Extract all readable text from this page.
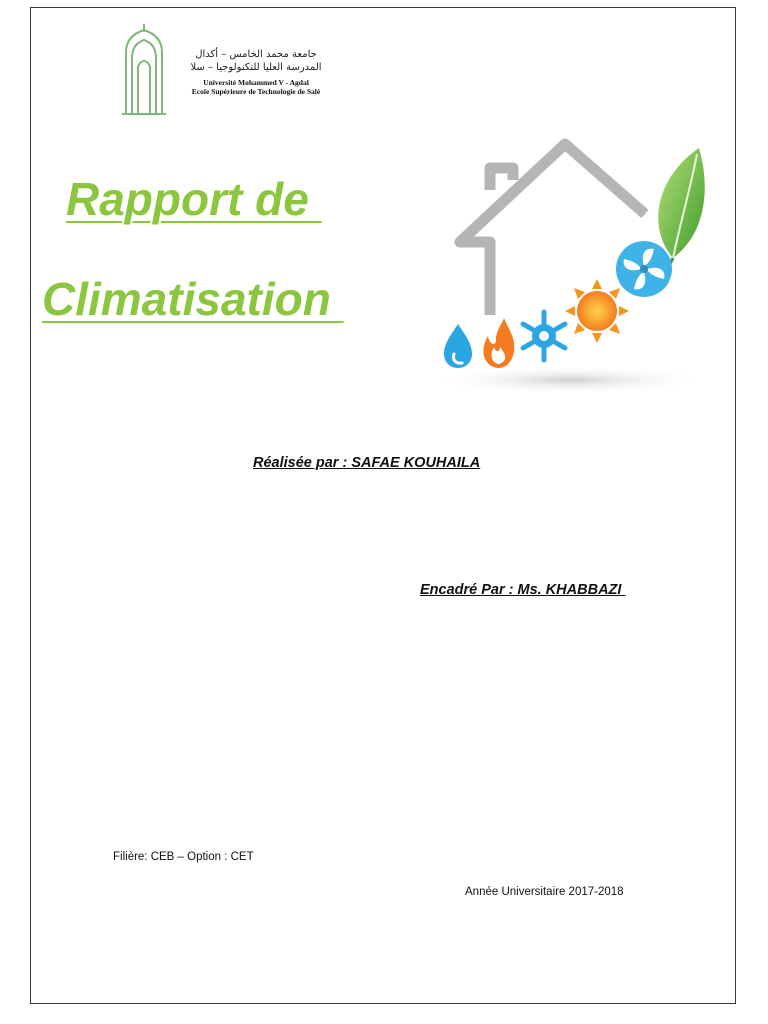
جامعة محمد الخامس – أكدال
المدرسة العليا للتكنولوجيا – سلا
Université Mohammed V - Agdal
Ecole Supérieure de Technologie de Salé
Rapport de
Climatisation
Réalisée par : SAFAE KOUHAILA
Encadré Par : Ms. KHABBAZI
Filière: CEB – Option : CET
Année Universitaire 2017-2018
